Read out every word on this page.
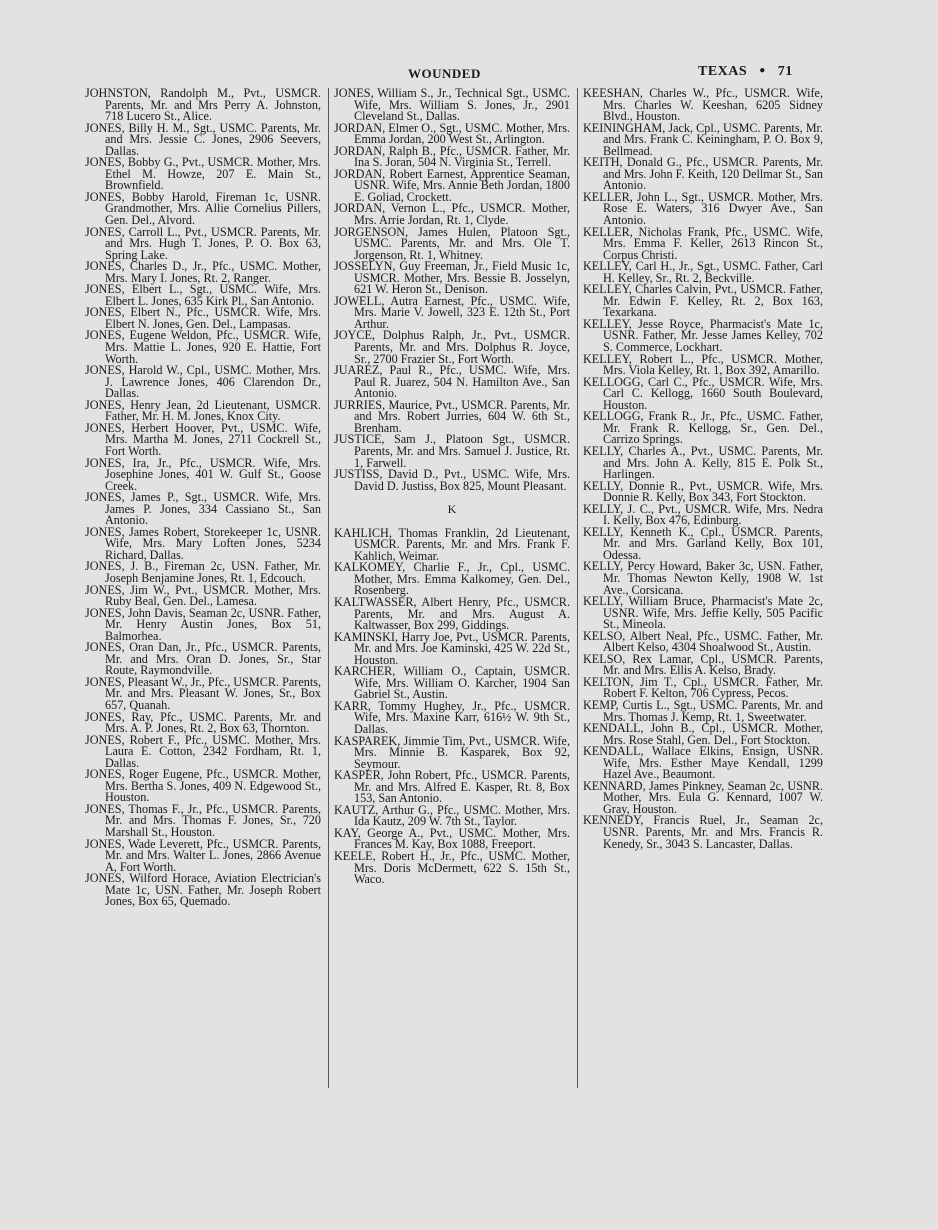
WOUNDED	TEXAS ● 71

JOHNSTON, Randolph M., Pvt., USMCR. Parents, Mr. and Mrs Perry A. Johnston, 718 Lucero St., Alice.

JONES, Billy H. M., Sgt., USMC. Parents, Mr. and Mrs. Jessie C. Jones, 2906 Seevers, Dallas.

JONES, Bobby G., Pvt., USMCR. Mother, Mrs. Ethel M. Howze, 207 E. Main St., Brownfield.

JONES, Bobby Harold, Fireman 1c, USNR. Grandmother, Mrs. Allie Cornelius Pillers, Gen. Del., Alvord.

JONES, Carroll L., Pvt., USMCR. Parents, Mr. and Mrs. Hugh T. Jones, P. O. Box 63, Spring Lake.

JONES, Charles D., Jr., Pfc., USMC. Mother, Mrs. Mary I. Jones, Rt. 2, Ranger.

JONES, Elbert L., Sgt., USMC. Wife, Mrs. Elbert L. Jones, 635 Kirk Pl., San Antonio.

JONES, Elbert N., Pfc., USMCR. Wife, Mrs. Elbert N. Jones, Gen. Del., Lampasas.

JONES, Eugene Weldon, Pfc., USMCR. Wife, Mrs. Mattie L. Jones, 920 E. Hattie, Fort Worth.

JONES, Harold W., Cpl., USMC. Mother, Mrs. J. Lawrence Jones, 406 Clarendon Dr., Dallas.

JONES, Henry Jean, 2d Lieutenant, USMCR. Father, Mr. H. M. Jones, Knox City.

JONES, Herbert Hoover, Pvt., USMC. Wife, Mrs. Martha M. Jones, 2711 Cockrell St., Fort Worth.

JONES, Ira, Jr., Pfc., USMCR. Wife, Mrs. Josephine Jones, 401 W. Gulf St., Goose Creek.

JONES, James P., Sgt., USMCR. Wife, Mrs. James P. Jones, 334 Cassiano St., San Antonio.

JONES, James Robert, Storekeeper 1c, USNR. Wife, Mrs. Mary Loften Jones, 5234 Richard, Dallas.

JONES, J. B., Fireman 2c, USN. Father, Mr. Joseph Benjamine Jones, Rt. 1, Edcouch.

JONES, Jim W., Pvt., USMCR. Mother, Mrs. Ruby Beal, Gen. Del., Lamesa.

JONES, John Davis, Seaman 2c, USNR. Father, Mr. Henry Austin Jones, Box 51, Balmorhea.

JONES, Oran Dan, Jr., Pfc., USMCR. Parents, Mr. and Mrs. Oran D. Jones, Sr., Star Route, Raymondville.

JONES, Pleasant W., Jr., Pfc., USMCR. Parents, Mr. and Mrs. Pleasant W. Jones, Sr., Box 657, Quanah.

JONES, Ray, Pfc., USMC. Parents, Mr. and Mrs. A. P. Jones, Rt. 2, Box 63, Thornton.

JONES, Robert F., Pfc., USMC. Mother, Mrs. Laura E. Cotton, 2342 Fordham, Rt. 1, Dallas.

JONES, Roger Eugene, Pfc., USMCR. Mother, Mrs. Bertha S. Jones, 409 N. Edgewood St., Houston.

JONES, Thomas F., Jr., Pfc., USMCR. Parents, Mr. and Mrs. Thomas F. Jones, Sr., 720 Marshall St., Houston.

JONES, Wade Leverett, Pfc., USMCR. Parents, Mr. and Mrs. Walter L. Jones, 2866 Avenue A, Fort Worth.

JONES, Wilford Horace, Aviation Electrician's Mate 1c, USN. Father, Mr. Joseph Robert Jones, Box 65, Quemado.

JONES, William S., Jr., Technical Sgt., USMC. Wife, Mrs. William S. Jones, Jr., 2901 Cleveland St., Dallas.

JORDAN, Elmer O., Sgt., USMC. Mother, Mrs. Emma Jordan, 200 West St., Arlington.

JORDAN, Ralph B., Pfc., USMCR. Father, Mr. Ina S. Joran, 504 N. Virginia St., Terrell.

JORDAN, Robert Earnest, Apprentice Seaman, USNR. Wife, Mrs. Annie Beth Jordan, 1800 E. Goliad, Crockett.

JORDAN, Vernon L., Pfc., USMCR. Mother, Mrs. Arrie Jordan, Rt. 1, Clyde.

JORGENSON, James Hulen, Platoon Sgt., USMC. Parents, Mr. and Mrs. Ole T. Jorgenson, Rt. 1, Whitney.

JOSSELYN, Guy Freeman, Jr., Field Music 1c, USMCR. Mother, Mrs. Bessie B. Josselyn, 621 W. Heron St., Denison.

JOWELL, Autra Earnest, Pfc., USMC. Wife, Mrs. Marie V. Jowell, 323 E. 12th St., Port Arthur.

JOYCE, Dolphus Ralph, Jr., Pvt., USMCR. Parents, Mr. and Mrs. Dolphus R. Joyce, Sr., 2700 Frazier St., Fort Worth.

JUAREZ, Paul R., Pfc., USMC. Wife, Mrs. Paul R. Juarez, 504 N. Hamilton Ave., San Antonio.

JURRIES, Maurice, Pvt., USMCR. Parents, Mr. and Mrs. Robert Jurries, 604 W. 6th St., Brenham.

JUSTICE, Sam J., Platoon Sgt., USMCR. Parents, Mr. and Mrs. Samuel J. Justice, Rt. 1, Farwell.

JUSTISS, David D., Pvt., USMC. Wife, Mrs. David D. Justiss, Box 825, Mount Pleasant.

K

KAHLICH, Thomas Franklin, 2d Lieutenant, USMCR. Parents, Mr. and Mrs. Frank F. Kahlich, Weimar.

KALKOMEY, Charlie F., Jr., Cpl., USMC. Mother, Mrs. Emma Kalkomey, Gen. Del., Rosenberg.

KALTWASSER, Albert Henry, Pfc., USMCR. Parents, Mr. and Mrs. August A. Kaltwasser, Box 299, Giddings.

KAMINSKI, Harry Joe, Pvt., USMCR. Parents, Mr. and Mrs. Joe Kaminski, 425 W. 22d St., Houston.

KARCHER, William O., Captain, USMCR. Wife, Mrs. William O. Karcher, 1904 San Gabriel St., Austin.

KARR, Tommy Hughey, Jr., Pfc., USMCR. Wife, Mrs. Maxine Karr, 616½ W. 9th St., Dallas.

KASPAREK, Jimmie Tim, Pvt., USMCR. Wife, Mrs. Minnie B. Kasparek, Box 92, Seymour.

KASPER, John Robert, Pfc., USMCR. Parents, Mr. and Mrs. Alfred E. Kasper, Rt. 8, Box 153, San Antonio.

KAUTZ, Arthur G., Pfc., USMC. Mother, Mrs. Ida Kautz, 209 W. 7th St., Taylor.

KAY, George A., Pvt., USMC. Mother, Mrs. Frances M. Kay, Box 1088, Freeport.

KEELE, Robert H., Jr., Pfc., USMC. Mother, Mrs. Doris McDermett, 622 S. 15th St., Waco.

KEESHAN, Charles W., Pfc., USMCR. Wife, Mrs. Charles W. Keeshan, 6205 Sidney Blvd., Houston.

KEININGHAM, Jack, Cpl., USMC. Parents, Mr. and Mrs. Frank C. Keiningham, P. O. Box 9, Bellmead.

KEITH, Donald G., Pfc., USMCR. Parents, Mr. and Mrs. John F. Keith, 120 Dellmar St., San Antonio.

KELLER, John L., Sgt., USMCR. Mother, Mrs. Rose E. Waters, 316 Dwyer Ave., San Antonio.

KELLER, Nicholas Frank, Pfc., USMC. Wife, Mrs. Emma F. Keller, 2613 Rincon St., Corpus Christi.

KELLEY, Carl H., Jr., Sgt., USMC. Father, Carl H. Kelley, Sr., Rt. 2, Beckville.

KELLEY, Charles Calvin, Pvt., USMCR. Father, Mr. Edwin F. Kelley, Rt. 2, Box 163, Texarkana.

KELLEY, Jesse Royce, Pharmacist's Mate 1c, USNR. Father, Mr. Jesse James Kelley, 702 S. Commerce, Lockhart.

KELLEY, Robert L., Pfc., USMCR. Mother, Mrs. Viola Kelley, Rt. 1, Box 392, Amarillo.

KELLOGG, Carl C., Pfc., USMCR. Wife, Mrs. Carl C. Kellogg, 1660 South Boulevard, Houston.

KELLOGG, Frank R., Jr., Pfc., USMC. Father, Mr. Frank R. Kellogg, Sr., Gen. Del., Carrizo Springs.

KELLY, Charles A., Pvt., USMC. Parents, Mr. and Mrs. John A. Kelly, 815 E. Polk St., Harlingen.

KELLY, Donnie R., Pvt., USMCR. Wife, Mrs. Donnie R. Kelly, Box 343, Fort Stockton.

KELLY, J. C., Pvt., USMCR. Wife, Mrs. Nedra I. Kelly, Box 476, Edinburg.

KELLY, Kenneth K., Cpl., USMCR. Parents, Mr. and Mrs. Garland Kelly, Box 101, Odessa.

KELLY, Percy Howard, Baker 3c, USN. Father, Mr. Thomas Newton Kelly, 1908 W. 1st Ave., Corsicana.

KELLY, William Bruce, Pharmacist's Mate 2c, USNR. Wife, Mrs. Jeffie Kelly, 505 Pacific St., Mineola.

KELSO, Albert Neal, Pfc., USMC. Father, Mr. Albert Kelso, 4304 Shoalwood St., Austin.

KELSO, Rex Lamar, Cpl., USMCR. Parents, Mr. and Mrs. Ellis A. Kelso, Brady.

KELTON, Jim T., Cpl., USMCR. Father, Mr. Robert F. Kelton, 706 Cypress, Pecos.

KEMP, Curtis L., Sgt., USMC. Parents, Mr. and Mrs. Thomas J. Kemp, Rt. 1, Sweetwater.

KENDALL, John B., Cpl., USMCR. Mother, Mrs. Rose Stahl, Gen. Del., Fort Stockton.

KENDALL, Wallace Elkins, Ensign, USNR. Wife, Mrs. Esther Maye Kendall, 1299 Hazel Ave., Beaumont.

KENNARD, James Pinkney, Seaman 2c, USNR. Mother, Mrs. Eula G. Kennard, 1007 W. Gray, Houston.

KENNEDY, Francis Ruel, Jr., Seaman 2c, USNR. Parents, Mr. and Mrs. Francis R. Kenedy, Sr., 3043 S. Lancaster, Dallas.
